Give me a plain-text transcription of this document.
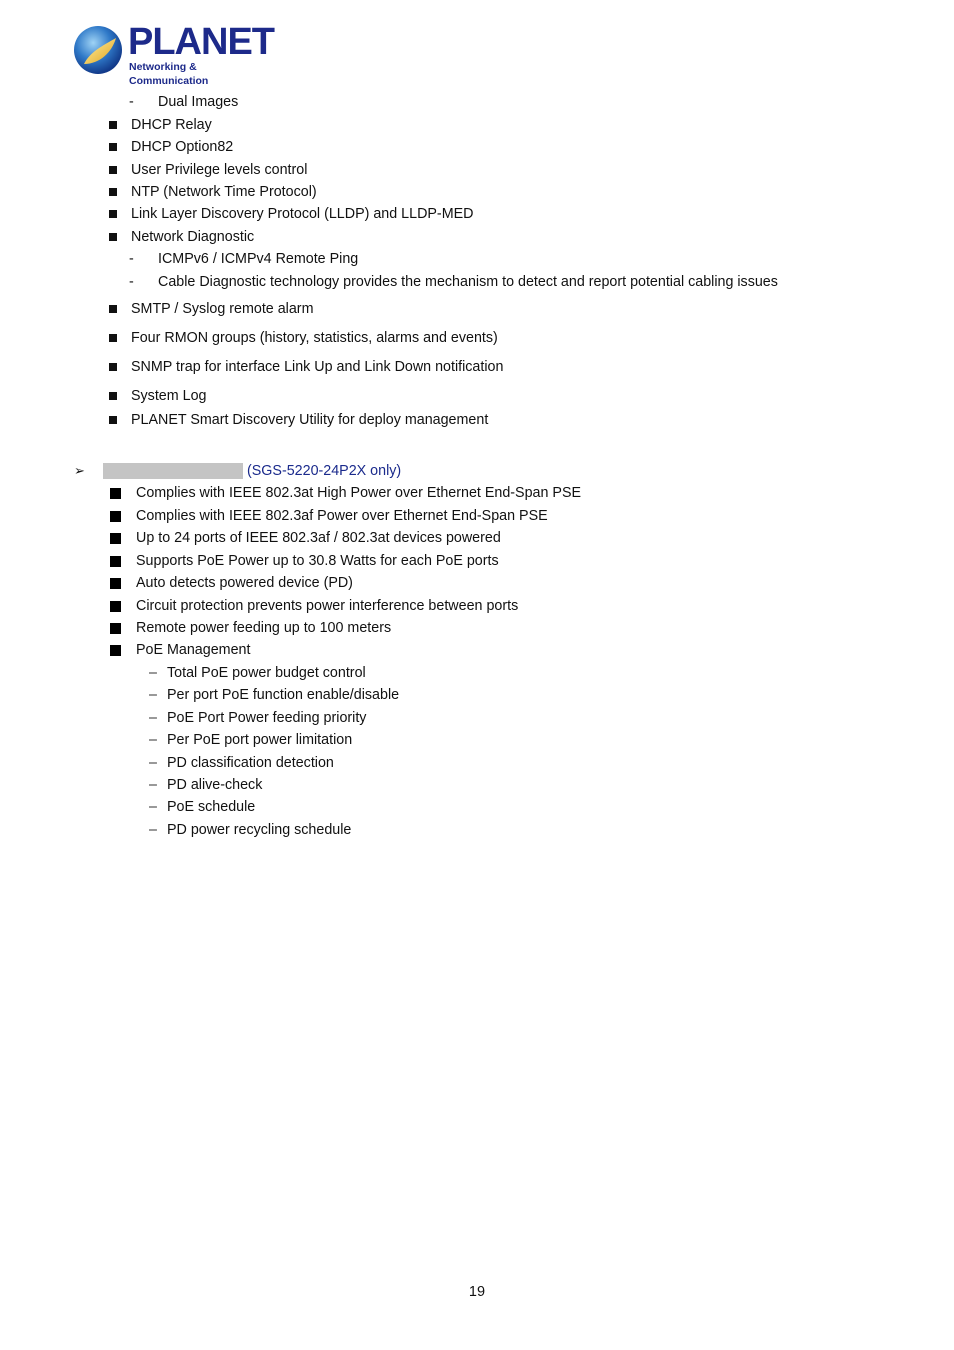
PLANET
Networking & Communication
- Dual Images
DHCP Relay
DHCP Option82
User Privilege levels control
NTP (Network Time Protocol)
Link Layer Discovery Protocol (LLDP) and LLDP-MED
Network Diagnostic
- ICMPv6 / ICMPv4 Remote Ping
- Cable Diagnostic technology provides the mechanism to detect and report potential cabling issues
SMTP / Syslog remote alarm
Four RMON groups (history, statistics, alarms and events)
SNMP trap for interface Link Up and Link Down notification
System Log
PLANET Smart Discovery Utility for deploy management
➢	(SGS-5220-24P2X only)
Complies with IEEE 802.3at High Power over Ethernet End-Span PSE
Complies with IEEE 802.3af Power over Ethernet End-Span PSE
Up to 24 ports of IEEE 802.3af / 802.3at devices powered
Supports PoE Power up to 30.8 Watts for each PoE ports
Auto detects powered device (PD)
Circuit protection prevents power interference between ports
Remote power feeding up to 100 meters
PoE Management
– Total PoE power budget control
– Per port PoE function enable/disable
– PoE Port Power feeding priority
– Per PoE port power limitation
– PD classification detection
– PD alive-check
– PoE schedule
– PD power recycling schedule
19
